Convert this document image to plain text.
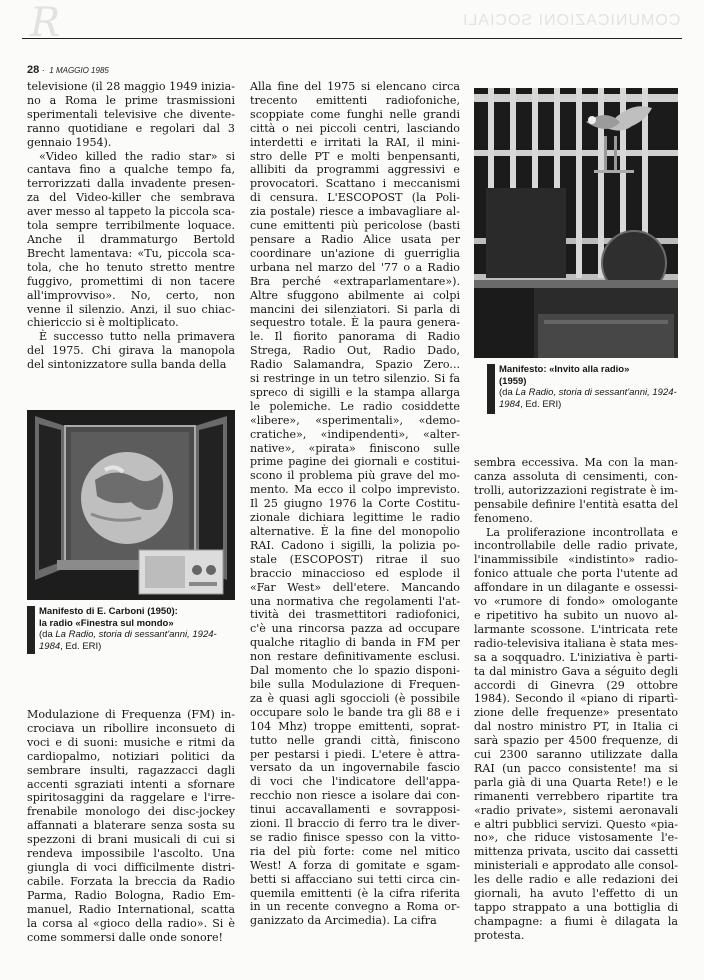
R	COMUNICAZIONI SOCIALI
28 · 1 MAGGIO 1985
televisione (il 28 maggio 1949 inizia-
no a Roma le prime trasmissioni
sperimentali televisive che divente-
ranno quotidiane e regolari dal 3
gennaio 1954).
«Video killed the radio star» si
cantava fino a qualche tempo fa,
terrorizzati dalla invadente presen-
za del Video-killer che sembrava
aver messo al tappeto la piccola sca-
tola sempre terribilmente loquace.
Anche il drammaturgo Bertold
Brecht lamentava: «Tu, piccola sca-
tola, che ho tenuto stretto mentre
fuggivo, promettimi di non tacere
all'improvviso». No, certo, non
venne il silenzio. Anzi, il suo chiac-
chiericcio si è moltiplicato.
È successo tutto nella primavera
del 1975. Chi girava la manopola
del sintonizzatore sulla banda della
Manifesto di E. Carboni (1950):
la radio «Finestra sul mondo»
(da La Radio, storia di sessant'anni, 1924-1984, Ed. ERI)
Modulazione di Frequenza (FM) in-
crociava un ribollire inconsueto di
voci e di suoni: musiche e ritmi da
cardiopalmo, notiziari politici da
sembrare insulti, ragazzacci dagli
accenti sgraziati intenti a sfornare
spiritosaggini da raggelare e l'irre-
frenabile monologo dei disc-jockey
affannati a blaterare senza sosta su
spezzoni di brani musicali di cui si
rendeva impossibile l'ascolto. Una
giungla di voci difficilmente distri-
cabile. Forzata la breccia da Radio
Parma, Radio Bologna, Radio Em-
manuel, Radio International, scatta
la corsa al «gioco della radio». Si è
come sommersi dalle onde sonore!
Alla fine del 1975 si elencano circa
trecento emittenti radiofoniche,
scoppiate come funghi nelle grandi
città o nei piccoli centri, lasciando
interdetti e irritati la RAI, il mini-
stro delle PT e molti benpensanti,
allibiti da programmi aggressivi e
provocatori. Scattano i meccanismi
di censura. L'ESCOPOST (la Poli-
zia postale) riesce a imbavagliare al-
cune emittenti più pericolose (basti
pensare a Radio Alice usata per
coordinare un'azione di guerriglia
urbana nel marzo del '77 o a Radio
Bra perché «extraparlamentare»).
Altre sfuggono abilmente ai colpi
mancini dei silenziatori. Si parla di
sequestro totale. È la paura genera-
le. Il fiorito panorama di Radio
Strega, Radio Out, Radio Dado,
Radio Salamandra, Spazio Zero...
si restringe in un tetro silenzio. Si fa
spreco di sigilli e la stampa allarga
le polemiche. Le radio cosiddette
«libere», «sperimentali», «demo-
cratiche», «indipendenti», «alter-
native», «pirata» finiscono sulle
prime pagine dei giornali e costitui-
scono il problema più grave del mo-
mento. Ma ecco il colpo imprevisto.
Il 25 giugno 1976 la Corte Costitu-
zionale dichiara legittime le radio
alternative. È la fine del monopolio
RAI. Cadono i sigilli, la polizia po-
stale (ESCOPOST) ritrae il suo
braccio minaccioso ed esplode il
«Far West» dell'etere. Mancando
una normativa che regolamenti l'at-
tività dei trasmettitori radiofonici,
c'è una rincorsa pazza ad occupare
qualche ritaglio di banda in FM per
non restare definitivamente esclusi.
Dal momento che lo spazio disponi-
bile sulla Modulazione di Frequen-
za è quasi agli sgoccioli (è possibile
occupare solo le bande tra gli 88 e i
104 Mhz) troppe emittenti, soprat-
tutto nelle grandi città, finiscono
per pestarsi i piedi. L'etere è attra-
versato da un ingovernabile fascio
di voci che l'indicatore dell'appa-
recchio non riesce a isolare dai con-
tinui accavallamenti e sovrapposi-
zioni. Il braccio di ferro tra le diver-
se radio finisce spesso con la vitto-
ria del più forte: come nel mitico
West! A forza di gomitate e sgam-
betti si affacciano sui tetti circa cin-
quemila emittenti (è la cifra riferita
in un recente convegno a Roma or-
ganizzato da Arcimedia). La cifra
Manifesto: «Invito alla radio»
(1959)
(da La Radio, storia di sessant'anni, 1924-1984, Ed. ERI)
sembra eccessiva. Ma con la man-
canza assoluta di censimenti, con-
trolli, autorizzazioni registrate è im-
pensabile definire l'entità esatta del
fenomeno.
La proliferazione incontrollata e
incontrollabile delle radio private,
l'inammissibile «indistinto» radio-
fonico attuale che porta l'utente ad
affondare in un dilagante e ossessi-
vo «rumore di fondo» omologante
e ripetitivo ha subito un nuovo al-
larmante scossone. L'intricata rete
radio-televisiva italiana è stata mes-
sa a soqquadro. L'iniziativa è parti-
ta dal ministro Gava a séguito degli
accordi di Ginevra (29 ottobre
1984). Secondo il «piano di ripartì-
zione delle frequenze» presentato
dal nostro ministro PT, in Italia ci
sarà spazio per 4500 frequenze, di
cui 2300 saranno utilizzate dalla
RAI (un pacco consistente! ma si
parla già di una Quarta Rete!) e le
rimanenti verrebbero ripartite tra
«radio private», sistemi aeronavali
e altri pubblici servizi. Questo «pia-
no», che riduce vistosamente l'e-
mittenza privata, uscito dai cassetti
ministeriali e approdato alle consol-
les delle radio e alle redazioni dei
giornali, ha avuto l'effetto di un
tappo strappato a una bottiglia di
champagne: a fiumi è dilagata la
protesta.
